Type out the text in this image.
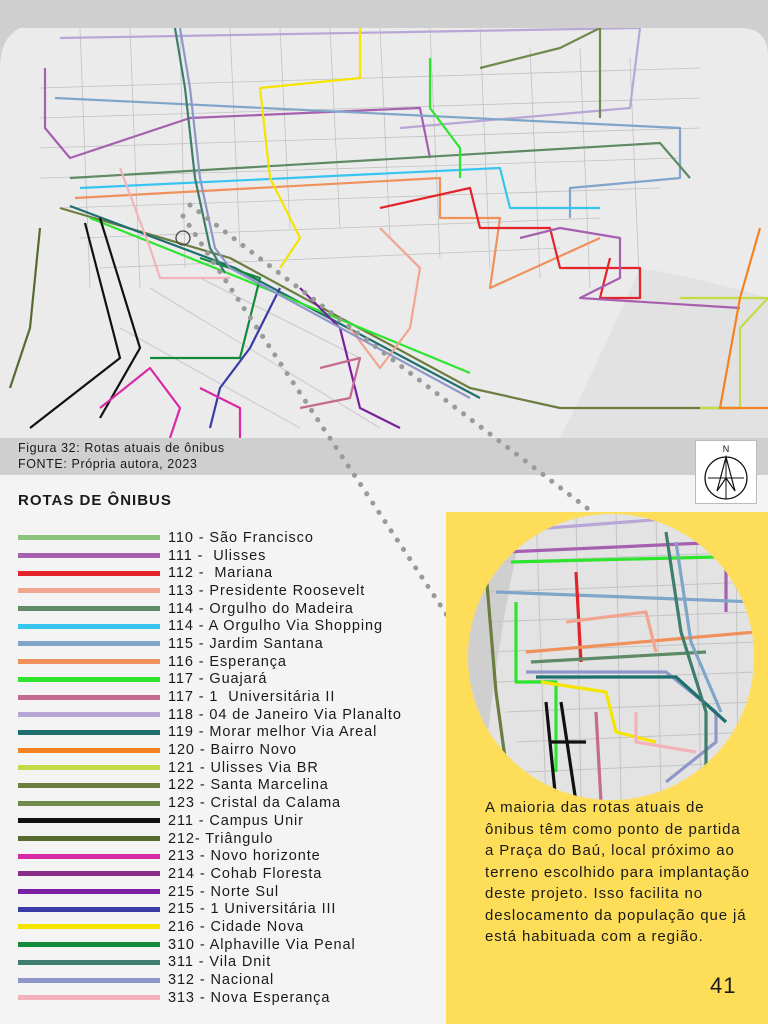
Figura 32: Rotas atuais de ônibus
FONTE: Própria autora, 2023
N
ROTAS DE ÔNIBUS
110 - São Francisco
111 -  Ulisses
112 -  Mariana
113 - Presidente Roosevelt
114 - Orgulho do Madeira
114 - A Orgulho Via Shopping
115 - Jardim Santana
116 - Esperança
117 - Guajará
117 - 1  Universitária II
118 - 04 de Janeiro Via Planalto
119 - Morar melhor Via Areal
120 - Bairro Novo
121 - Ulisses Via BR
122 - Santa Marcelina
123 - Cristal da Calama
211 - Campus Unir
212- Triângulo
213 - Novo horizonte
214 - Cohab Floresta
215 - Norte Sul
215 - 1 Universitária III
216 - Cidade Nova
310 - Alphaville Via Penal
311 - Vila Dnit
312 - Nacional
313 - Nova Esperança
A maioria das rotas atuais de ônibus têm como ponto de partida a Praça do Baú, local próximo ao terreno escolhido para implantação deste projeto. Isso facilita no deslocamento da população que já está habituada com a região.
41
